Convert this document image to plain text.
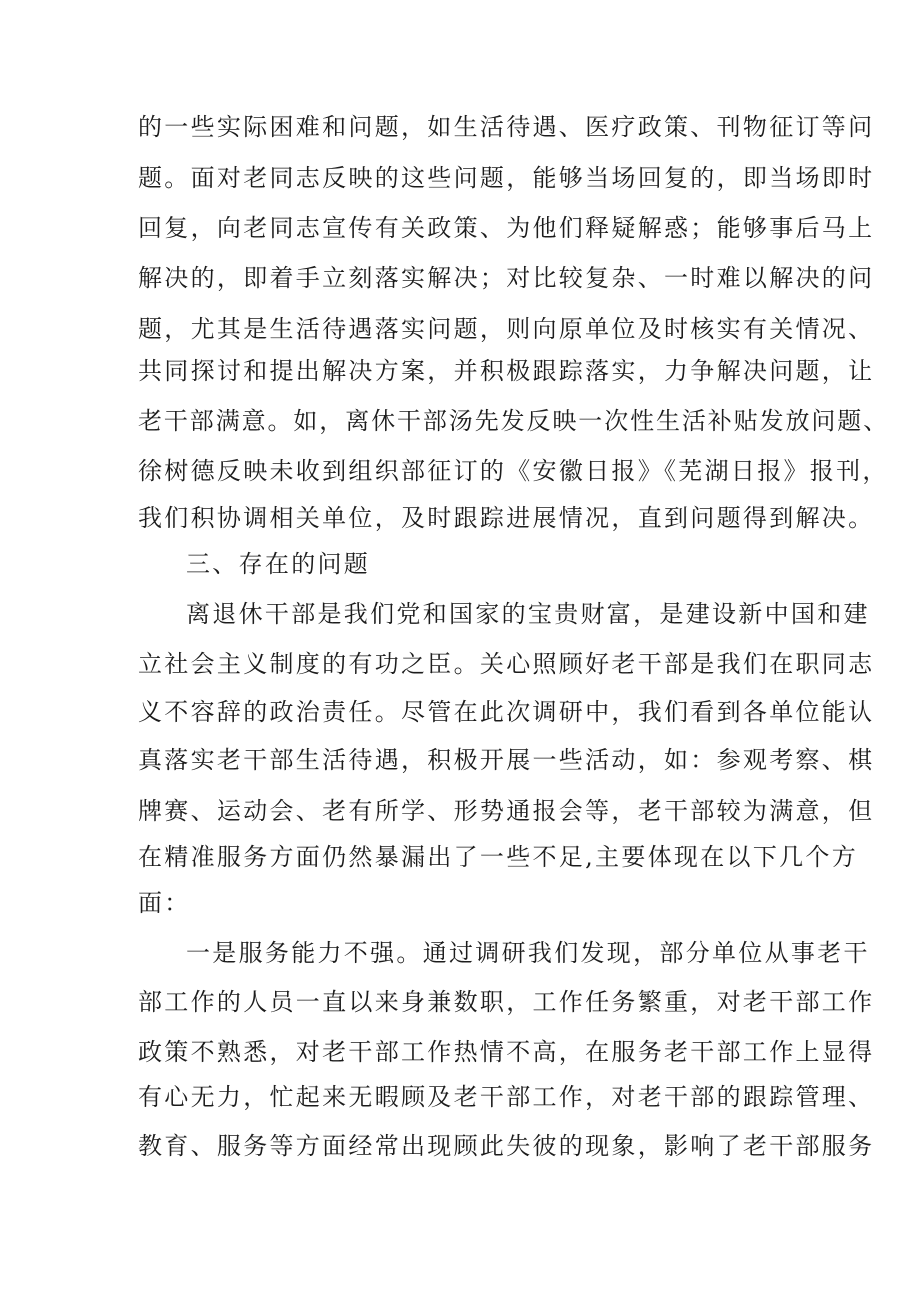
的一些实际困难和问题，如生活待遇、医疗政策、刊物征订等问
题。面对老同志反映的这些问题，能够当场回复的，即当场即时
回复，向老同志宣传有关政策、为他们释疑解惑；能够事后马上
解决的，即着手立刻落实解决；对比较复杂、一时难以解决的问
题，尤其是生活待遇落实问题，则向原单位及时核实有关情况、
共同探讨和提出解决方案，并积极跟踪落实，力争解决问题，让
老干部满意。如，离休干部汤先发反映一次性生活补贴发放问题、
徐树德反映未收到组织部征订的《安徽日报》《芜湖日报》报刊，
我们积协调相关单位，及时跟踪进展情况，直到问题得到解决。
三、存在的问题
离退休干部是我们党和国家的宝贵财富，是建设新中国和建
立社会主义制度的有功之臣。关心照顾好老干部是我们在职同志
义不容辞的政治责任。尽管在此次调研中，我们看到各单位能认
真落实老干部生活待遇，积极开展一些活动，如：参观考察、棋
牌赛、运动会、老有所学、形势通报会等，老干部较为满意，但
在精准服务方面仍然暴漏出了一些不足,主要体现在以下几个方
面：
一是服务能力不强。通过调研我们发现，部分单位从事老干
部工作的人员一直以来身兼数职，工作任务繁重，对老干部工作
政策不熟悉，对老干部工作热情不高，在服务老干部工作上显得
有心无力，忙起来无暇顾及老干部工作，对老干部的跟踪管理、
教育、服务等方面经常出现顾此失彼的现象，影响了老干部服务
